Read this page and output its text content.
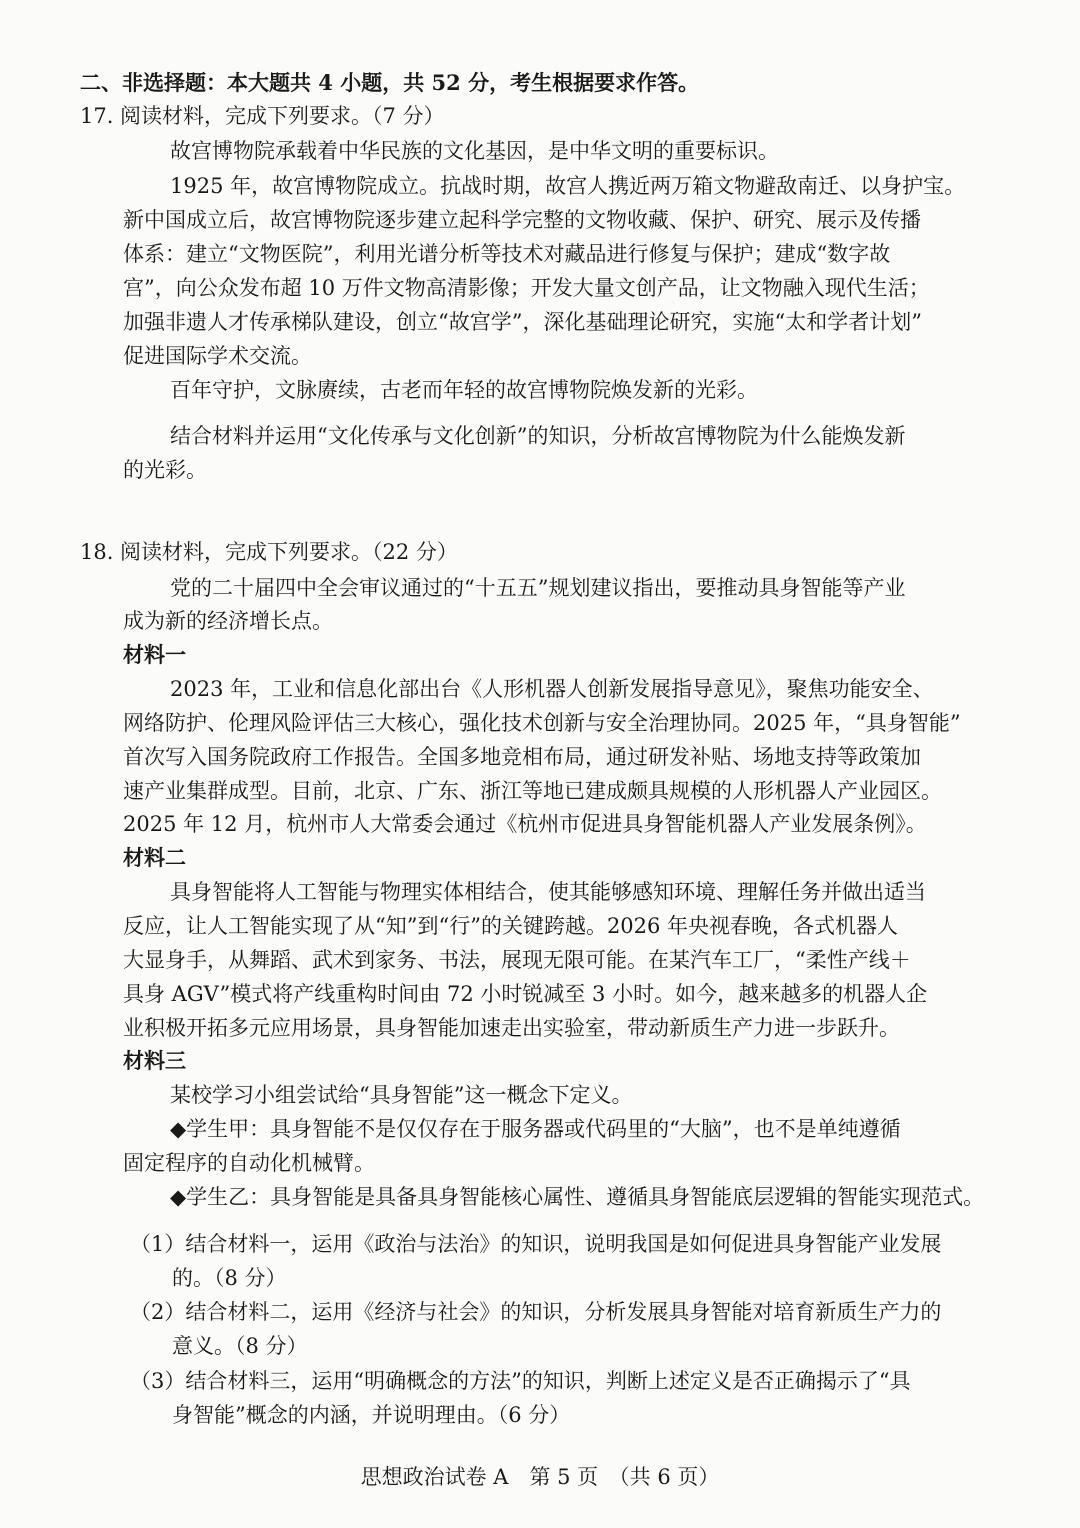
二、非选择题：本大题共 4 小题，共 52 分，考生根据要求作答。
17. 阅读材料，完成下列要求。（7 分）
故宫博物院承载着中华民族的文化基因，是中华文明的重要标识。
1925 年，故宫博物院成立。抗战时期，故宫人携近两万箱文物避敌南迁、以身护宝。
新中国成立后，故宫博物院逐步建立起科学完整的文物收藏、保护、研究、展示及传播
体系：建立“文物医院”，利用光谱分析等技术对藏品进行修复与保护；建成“数字故
宫”，向公众发布超 10 万件文物高清影像；开发大量文创产品，让文物融入现代生活；
加强非遗人才传承梯队建设，创立“故宫学”，深化基础理论研究，实施“太和学者计划”
促进国际学术交流。
百年守护，文脉赓续，古老而年轻的故宫博物院焕发新的光彩。
结合材料并运用“文化传承与文化创新”的知识，分析故宫博物院为什么能焕发新
的光彩。
18. 阅读材料，完成下列要求。（22 分）
党的二十届四中全会审议通过的“十五五”规划建议指出，要推动具身智能等产业
成为新的经济增长点。
材料一
2023 年，工业和信息化部出台《人形机器人创新发展指导意见》，聚焦功能安全、
网络防护、伦理风险评估三大核心，强化技术创新与安全治理协同。2025 年，“具身智能”
首次写入国务院政府工作报告。全国多地竞相布局，通过研发补贴、场地支持等政策加
速产业集群成型。目前，北京、广东、浙江等地已建成颇具规模的人形机器人产业园区。
2025 年 12 月，杭州市人大常委会通过《杭州市促进具身智能机器人产业发展条例》。
材料二
具身智能将人工智能与物理实体相结合，使其能够感知环境、理解任务并做出适当
反应，让人工智能实现了从“知”到“行”的关键跨越。2026 年央视春晚，各式机器人
大显身手，从舞蹈、武术到家务、书法，展现无限可能。在某汽车工厂，“柔性产线＋
具身 AGV”模式将产线重构时间由 72 小时锐减至 3 小时。如今，越来越多的机器人企
业积极开拓多元应用场景，具身智能加速走出实验室，带动新质生产力进一步跃升。
材料三
某校学习小组尝试给“具身智能”这一概念下定义。
◆学生甲：具身智能不是仅仅存在于服务器或代码里的“大脑”，也不是单纯遵循
固定程序的自动化机械臂。
◆学生乙：具身智能是具备具身智能核心属性、遵循具身智能底层逻辑的智能实现范式。
（1）结合材料一，运用《政治与法治》的知识，说明我国是如何促进具身智能产业发展
的。（8 分）
（2）结合材料二，运用《经济与社会》的知识，分析发展具身智能对培育新质生产力的
意义。（8 分）
（3）结合材料三，运用“明确概念的方法”的知识，判断上述定义是否正确揭示了“具
身智能”概念的内涵，并说明理由。（6 分）
思想政治试卷 A　第 5 页　（共 6 页）
